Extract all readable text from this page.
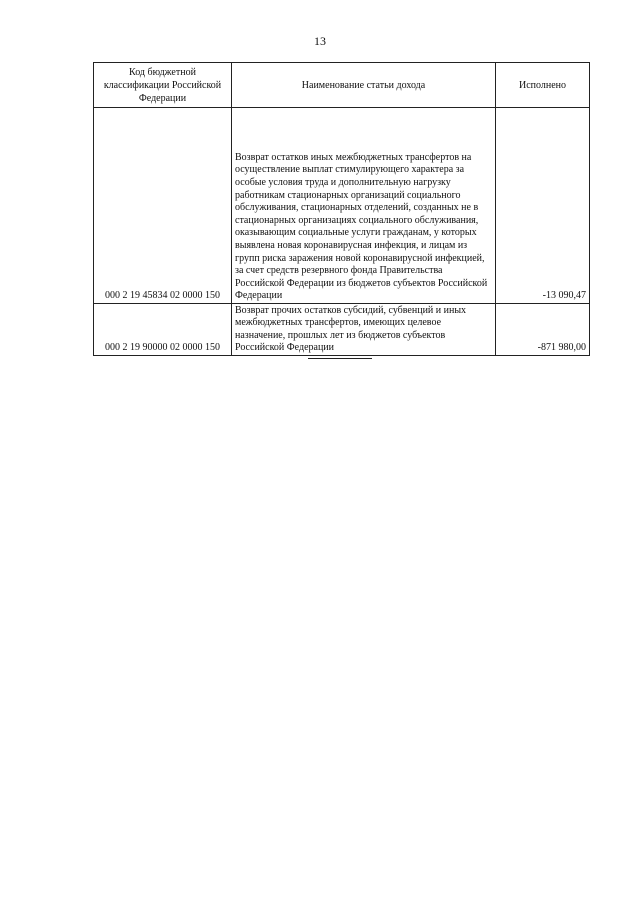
13
Код бюджетной классификации Российской Федерации	Наименование статьи дохода	Исполнено
000 2 19 45834 02 0000 150	Возврат остатков иных межбюджетных трансфертов на осуществление выплат стимулирующего характера за особые условия труда и дополнительную нагрузку работникам стационарных организаций социального обслуживания, стационарных отделений, созданных не в стационарных организациях социального обслуживания, оказывающим социальные услуги гражданам, у которых выявлена новая коронавирусная инфекция, и лицам из групп риска заражения новой коронавирусной инфекцией, за счет средств резервного фонда Правительства Российской Федерации из бюджетов субъектов Российской Федерации	-13 090,47
000 2 19 90000 02 0000 150	Возврат прочих остатков субсидий, субвенций и иных межбюджетных трансфертов, имеющих целевое назначение, прошлых лет из бюджетов субъектов Российской Федерации	-871 980,00
